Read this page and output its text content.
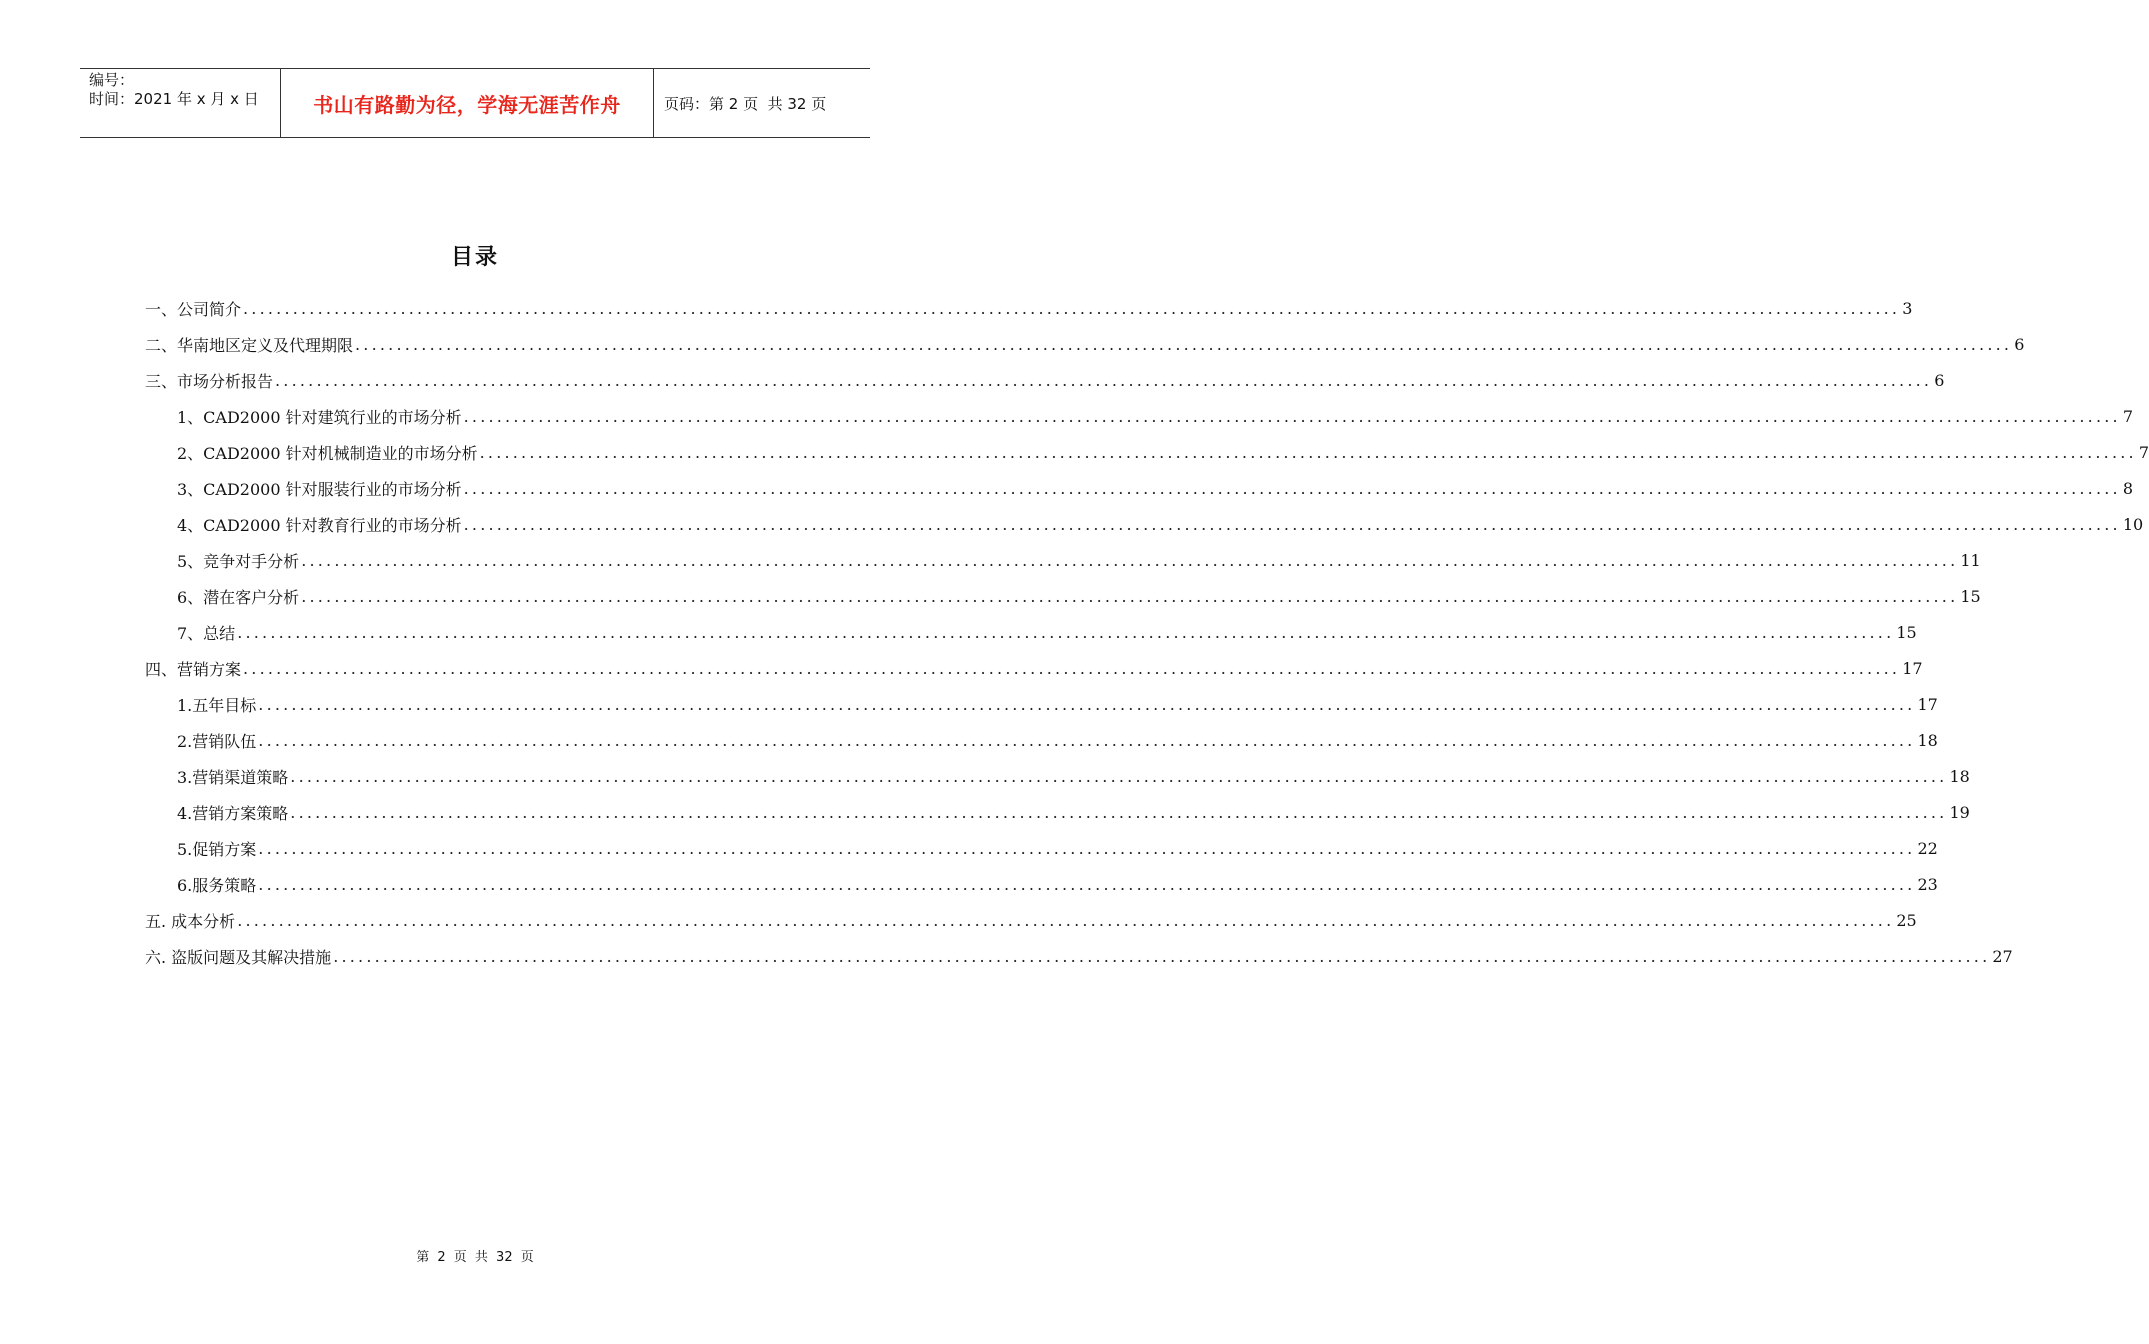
编号：
时间：2021 年 x 月 x 日	书山有路勤为径，学海无涯苦作舟	页码：第 2 页  共 32 页
目录
一、公司简介 ........................................................................................................................................................................................................ 3
二、华南地区定义及代理期限 ........................................................................................................................................................................................................ 6
三、市场分析报告 ........................................................................................................................................................................................................ 6
1、CAD2000 针对建筑行业的市场分析 ........................................................................................................................................................................................................ 7
2、CAD2000 针对机械制造业的市场分析 ........................................................................................................................................................................................................ 7
3、CAD2000 针对服装行业的市场分析 ........................................................................................................................................................................................................ 8
4、CAD2000 针对教育行业的市场分析 ........................................................................................................................................................................................................ 10
5、竞争对手分析 ........................................................................................................................................................................................................ 11
6、潜在客户分析 ........................................................................................................................................................................................................ 15
7、总结 ........................................................................................................................................................................................................ 15
四、营销方案 ........................................................................................................................................................................................................ 17
1.五年目标 ........................................................................................................................................................................................................ 17
2.营销队伍 ........................................................................................................................................................................................................ 18
3.营销渠道策略 ........................................................................................................................................................................................................ 18
4.营销方案策略 ........................................................................................................................................................................................................ 19
5.促销方案 ........................................................................................................................................................................................................ 22
6.服务策略 ........................................................................................................................................................................................................ 23
五. 成本分析 ........................................................................................................................................................................................................ 25
六. 盗版问题及其解决措施 ........................................................................................................................................................................................................ 27
第 2 页 共 32 页
